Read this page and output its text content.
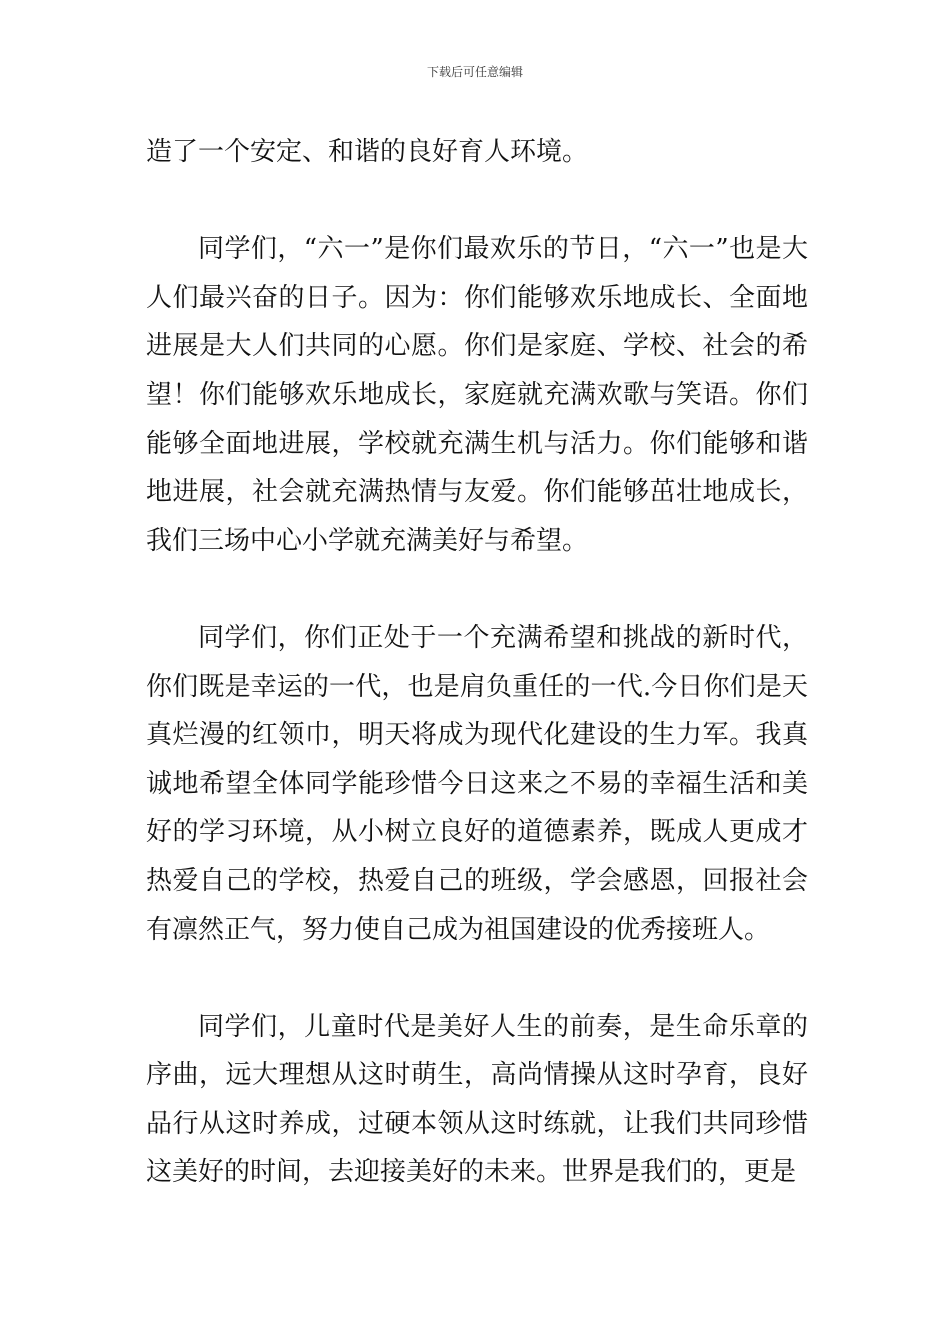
下载后可任意编辑

造了一个安定、和谐的良好育人环境。

同学们，“六一”是你们最欢乐的节日，“六一”也是大人们最兴奋的日子。因为：你们能够欢乐地成长、全面地进展是大人们共同的心愿。你们是家庭、学校、社会的希望！你们能够欢乐地成长，家庭就充满欢歌与笑语。你们能够全面地进展，学校就充满生机与活力。你们能够和谐地进展，社会就充满热情与友爱。你们能够茁壮地成长，我们三场中心小学就充满美好与希望。

同学们，你们正处于一个充满希望和挑战的新时代，你们既是幸运的一代，也是肩负重任的一代.今日你们是天真烂漫的红领巾，明天将成为现代化建设的生力军。我真诚地希望全体同学能珍惜今日这来之不易的幸福生活和美好的学习环境，从小树立良好的道德素养，既成人更成才热爱自己的学校，热爱自己的班级，学会感恩，回报社会有凛然正气，努力使自己成为祖国建设的优秀接班人。

同学们，儿童时代是美好人生的前奏，是生命乐章的序曲，远大理想从这时萌生，高尚情操从这时孕育，良好品行从这时养成，过硬本领从这时练就，让我们共同珍惜这美好的时间，去迎接美好的未来。世界是我们的，更是
